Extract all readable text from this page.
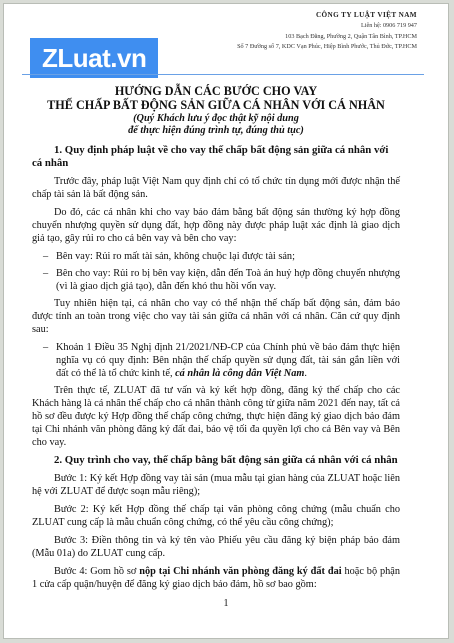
ZLuat.vn
CÔNG TY LUẬT VIỆT NAM
Liên hệ: 0906 719 947
103 Bạch Đằng, Phường 2, Quận Tân Bình, TP.HCM
Số 7 Đường số 7, KDC Vạn Phúc, Hiệp Bình Phước, Thủ Đức, TP.HCM
HƯỚNG DẪN CÁC BƯỚC CHO VAY
THẾ CHẤP BẤT ĐỘNG SẢN GIỮA CÁ NHÂN VỚI CÁ NHÂN
(Quý Khách lưu ý đọc thật kỹ nội dung
để thực hiện đúng trình tự, đúng thủ tục)
1. Quy định pháp luật về cho vay thế chấp bất động sản giữa cá nhân với cá nhân

Trước đây, pháp luật Việt Nam quy định chỉ có tổ chức tín dụng mới được nhận thế chấp tài sản là bất động sản.

Do đó, các cá nhân khi cho vay bảo đảm bằng bất động sản thường ký hợp đồng chuyển nhượng quyền sử dụng đất, hợp đồng này được pháp luật xác định là giao dịch giả tạo, gây rủi ro cho cả bên vay và bên cho vay:

– Bên vay: Rủi ro mất tài sản, không chuộc lại được tài sản;
– Bên cho vay: Rủi ro bị bên vay kiện, dẫn đến Toà án huỷ hợp đồng chuyển nhượng (vì là giao dịch giả tạo), dẫn đến khó thu hồi vốn vay.

Tuy nhiên hiện tại, cá nhân cho vay có thể nhận thế chấp bất động sản, đảm bảo được tính an toàn trong việc cho vay tài sản giữa cá nhân với cá nhân. Căn cứ quy định sau:

– Khoản 1 Điều 35 Nghị định 21/2021/NĐ-CP của Chính phủ về bảo đảm thực hiện nghĩa vụ có quy định: Bên nhận thế chấp quyền sử dụng đất, tài sản gắn liền với đất có thể là tổ chức kinh tế, cá nhân là công dân Việt Nam.

Trên thực tế, ZLUAT đã tư vấn và ký kết hợp đồng, đăng ký thế chấp cho các Khách hàng là cá nhân thế chấp cho cá nhân thành công từ giữa năm 2021 đến nay, tất cả hồ sơ đều được ký Hợp đồng thế chấp công chứng, thực hiện đăng ký giao dịch bảo đảm tại Chi nhánh văn phòng đăng ký đất đai, bảo vệ tối đa quyền lợi cho cả Bên vay và Bên cho vay.

2. Quy trình cho vay, thế chấp bằng bất động sản giữa cá nhân với cá nhân

Bước 1: Ký kết Hợp đồng vay tài sản (mua mẫu tại gian hàng của ZLUAT hoặc liên hệ với ZLUAT để được soạn mẫu riêng);

Bước 2: Ký kết Hợp đồng thế chấp tại văn phòng công chứng (mẫu chuẩn cho ZLUAT cung cấp là mẫu chuẩn công chứng, có thể yêu cầu công chứng);

Bước 3: Điền thông tin và ký tên vào Phiếu yêu cầu đăng ký biện pháp bảo đảm (Mẫu 01a) do ZLUAT cung cấp.

Bước 4: Gom hồ sơ nộp tại Chi nhánh văn phòng đăng ký đất đai hoặc bộ phận 1 cửa cấp quận/huyện để đăng ký giao dịch bảo đảm, hồ sơ bao gồm:

1
